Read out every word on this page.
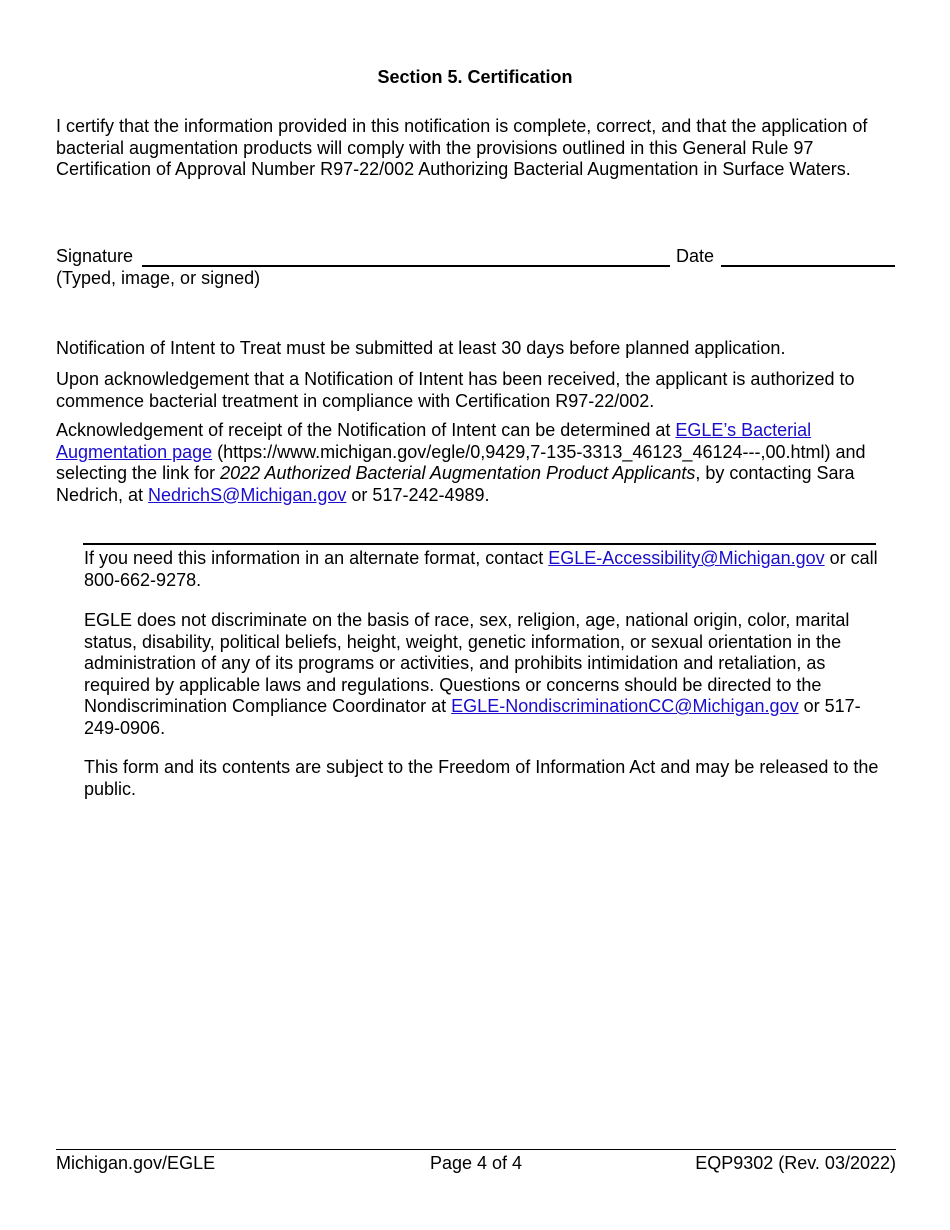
Section 5. Certification
I certify that the information provided in this notification is complete, correct, and that the application of bacterial augmentation products will comply with the provisions outlined in this General Rule 97 Certification of Approval Number R97-22/002 Authorizing Bacterial Augmentation in Surface Waters.
Signature	Date
(Typed, image, or signed)
Notification of Intent to Treat must be submitted at least 30 days before planned application.
Upon acknowledgement that a Notification of Intent has been received, the applicant is authorized to commence bacterial treatment in compliance with Certification R97-22/002.
Acknowledgement of receipt of the Notification of Intent can be determined at EGLE’s Bacterial Augmentation page (https://www.michigan.gov/egle/0,9429,7-135-3313_46123_46124---,00.html) and selecting the link for 2022 Authorized Bacterial Augmentation Product Applicants, by contacting Sara Nedrich, at NedrichS@Michigan.gov or 517-242-4989.
If you need this information in an alternate format, contact EGLE-Accessibility@Michigan.gov or call 800-662-9278.
EGLE does not discriminate on the basis of race, sex, religion, age, national origin, color, marital status, disability, political beliefs, height, weight, genetic information, or sexual orientation in the administration of any of its programs or activities, and prohibits intimidation and retaliation, as required by applicable laws and regulations. Questions or concerns should be directed to the Nondiscrimination Compliance Coordinator at EGLE-NondiscriminationCC@Michigan.gov or 517-249-0906.
This form and its contents are subject to the Freedom of Information Act and may be released to the public.
Michigan.gov/EGLE	Page 4 of 4	EQP9302 (Rev. 03/2022)
